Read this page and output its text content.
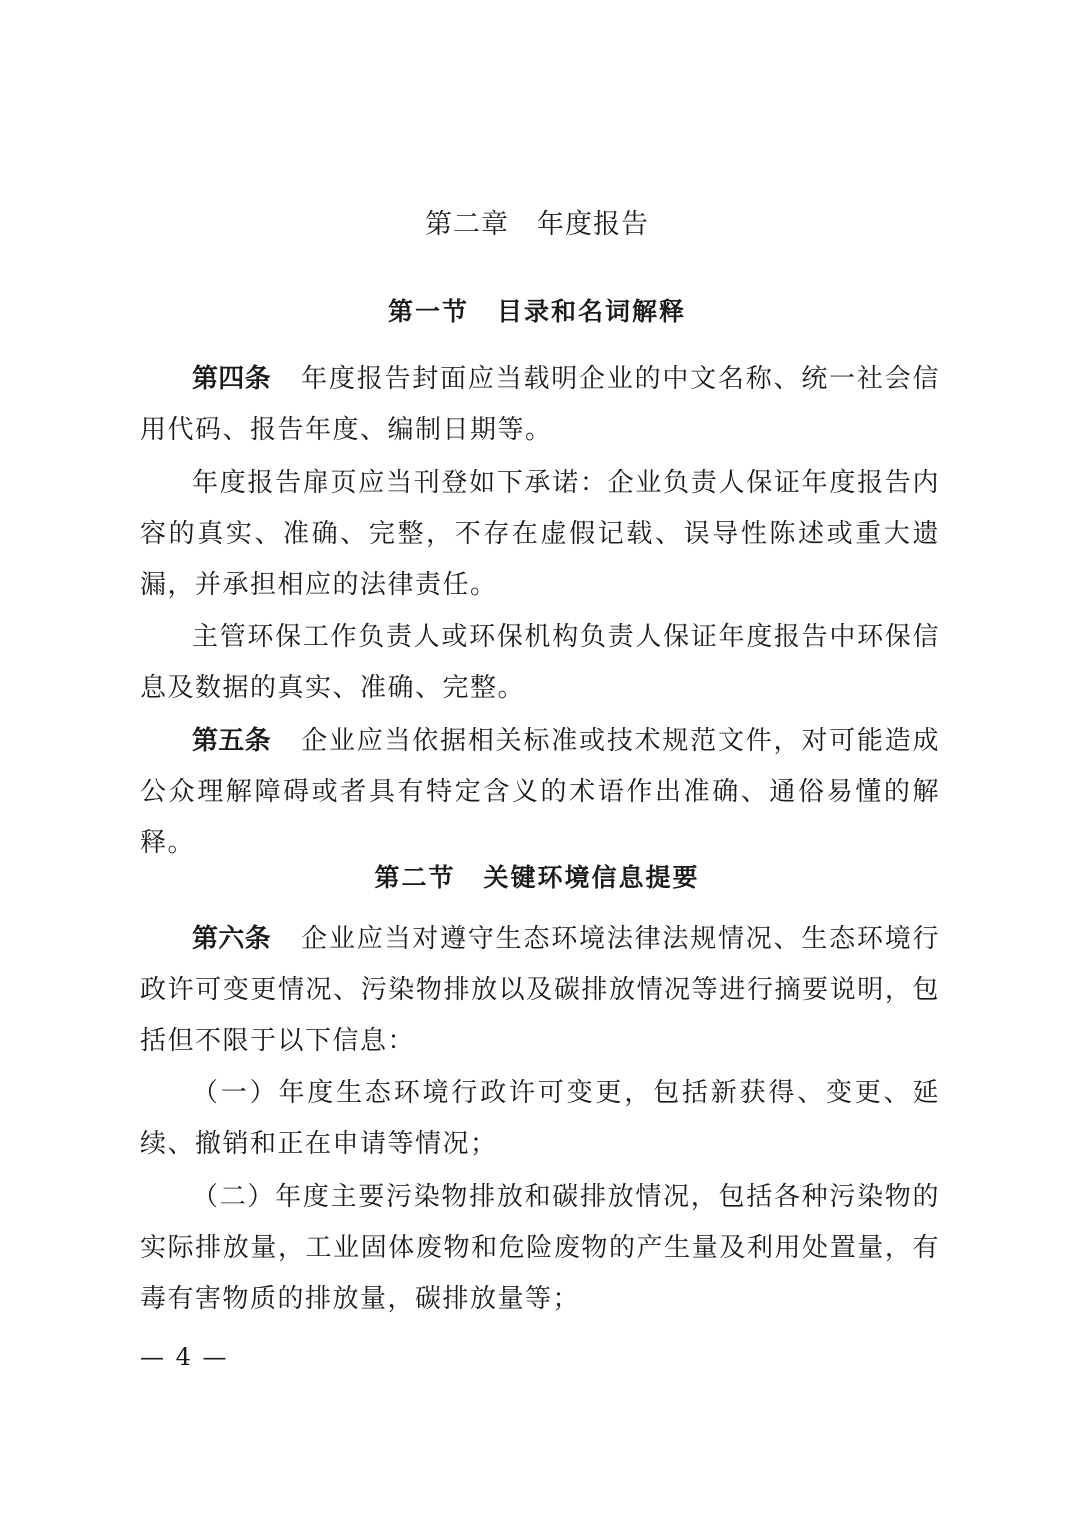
第二章 年度报告
第一节 目录和名词解释

第四条 年度报告封面应当载明企业的中文名称、统一社会信用代码、报告年度、编制日期等。

年度报告扉页应当刊登如下承诺：企业负责人保证年度报告内容的真实、准确、完整，不存在虚假记载、误导性陈述或重大遗漏，并承担相应的法律责任。

主管环保工作负责人或环保机构负责人保证年度报告中环保信息及数据的真实、准确、完整。

第五条 企业应当依据相关标准或技术规范文件，对可能造成公众理解障碍或者具有特定含义的术语作出准确、通俗易懂的解释。

第二节 关键环境信息提要

第六条 企业应当对遵守生态环境法律法规情况、生态环境行政许可变更情况、污染物排放以及碳排放情况等进行摘要说明，包括但不限于以下信息：

（一）年度生态环境行政许可变更，包括新获得、变更、延续、撤销和正在申请等情况；

（二）年度主要污染物排放和碳排放情况，包括各种污染物的实际排放量，工业固体废物和危险废物的产生量及利用处置量，有毒有害物质的排放量，碳排放量等；

— 4 —
